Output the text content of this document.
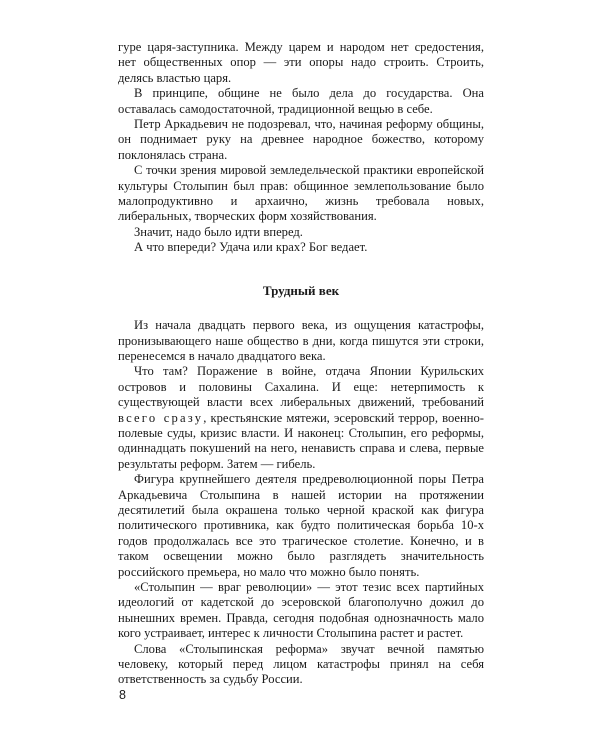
гуре царя-заступника. Между царем и народом нет средостения, нет общественных опор — эти опоры надо строить. Строить, делясь властью царя.

В принципе, общине не было дела до государства. Она оставалась самодостаточной, традиционной вещью в себе.

Петр Аркадьевич не подозревал, что, начиная реформу общины, он поднимает руку на древнее народное божество, которому поклонялась страна.

С точки зрения мировой земледельческой практики европейской культуры Столыпин был прав: общинное землепользование было малопродуктивно и архаично, жизнь требовала новых, либеральных, творческих форм хозяйствования.

Значит, надо было идти вперед.

А что впереди? Удача или крах? Бог ведает.

Трудный век

Из начала двадцать первого века, из ощущения катастрофы, пронизывающего наше общество в дни, когда пишутся эти строки, перенесемся в начало двадцатого века.

Что там? Поражение в войне, отдача Японии Курильских островов и половины Сахалина. И еще: нетерпимость к существующей власти всех либеральных движений, требований всего сразу, крестьянские мятежи, эсеровский террор, военно-полевые суды, кризис власти. И наконец: Столыпин, его реформы, одиннадцать покушений на него, ненависть справа и слева, первые результаты реформ. Затем — гибель.

Фигура крупнейшего деятеля предреволюционной поры Петра Аркадьевича Столыпина в нашей истории на протяжении десятилетий была окрашена только черной краской как фигура политического противника, как будто политическая борьба 10-х годов продолжалась все это трагическое столетие. Конечно, и в таком освещении можно было разглядеть значительность российского премьера, но мало что можно было понять.

«Столыпин — враг революции» — этот тезис всех партийных идеологий от кадетской до эсеровской благополучно дожил до нынешних времен. Правда, сегодня подобная однозначность мало кого устраивает, интерес к личности Столыпина растет и растет.

Слова «Столыпинская реформа» звучат вечной памятью человеку, который перед лицом катастрофы принял на себя ответственность за судьбу России.

8
